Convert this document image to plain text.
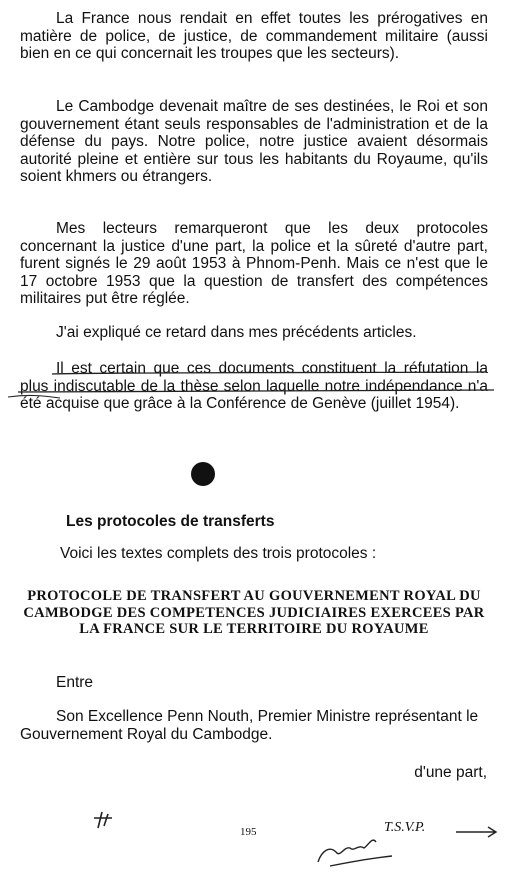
La France nous rendait en effet toutes les prérogatives en matière de police, de justice, de commandement militaire (aussi bien en ce qui concernait les troupes que les secteurs).

Le Cambodge devenait maître de ses destinées, le Roi et son gouvernement étant seuls responsables de l'administration et de la défense du pays. Notre police, notre justice avaient désormais autorité pleine et entière sur tous les habitants du Royaume, qu'ils soient khmers ou étrangers.

Mes lecteurs remarqueront que les deux protocoles concernant la justice d'une part, la police et la sûreté d'autre part, furent signés le 29 août 1953 à Phnom-Penh. Mais ce n'est que le 17 octobre 1953 que la question de transfert des compétences militaires put être réglée.

J'ai expliqué ce retard dans mes précédents articles.

Il est certain que ces documents constituent la réfutation la plus indiscutable de la thèse selon laquelle notre indépendance n'a été acquise que grâce à la Conférence de Genève (juillet 1954).

Les protocoles de transferts

Voici les textes complets des trois protocoles :

PROTOCOLE DE TRANSFERT AU GOUVERNEMENT ROYAL DU CAMBODGE DES COMPETENCES JUDICIAIRES EXERCEES PAR LA FRANCE SUR LE TERRITOIRE DU ROYAUME

Entre

Son Excellence Penn Nouth, Premier Ministre représentant le Gouvernement Royal du Cambodge.

d'une part,

195	T.S.V.P.
